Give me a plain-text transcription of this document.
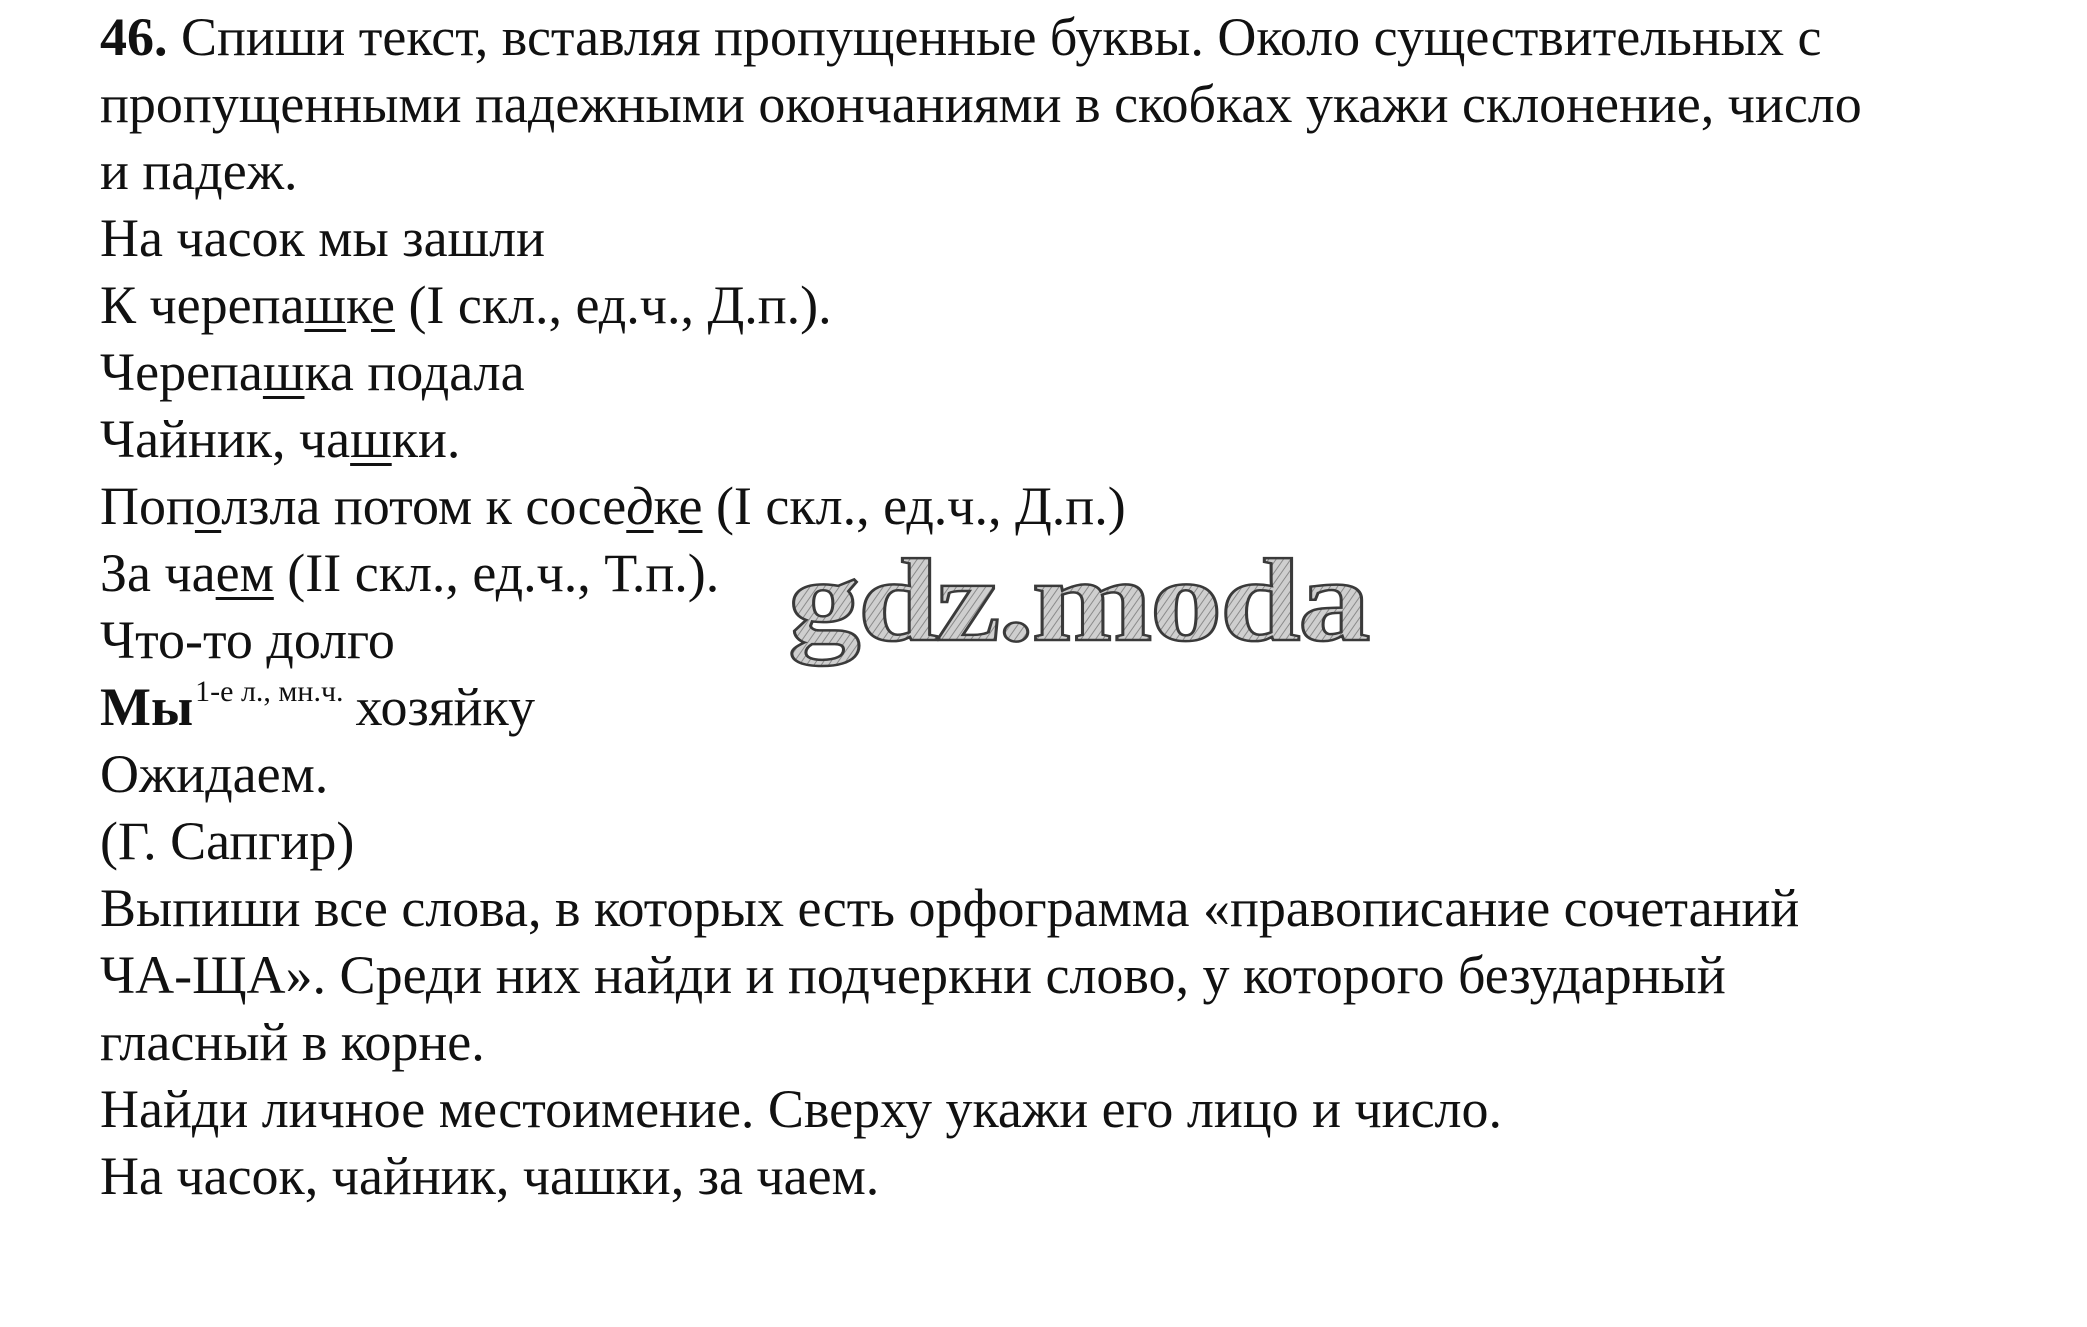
46. Спиши текст, вставляя пропущенные буквы. Около существительных с
пропущенными падежными окончаниями в скобках укажи склонение, число
и падеж.
На часок мы зашли
К черепашке (I скл., ед.ч., Д.п.).
Черепашка подала
Чайник, чашки.
Поползла потом к соседке (I скл., ед.ч., Д.п.)
За чаем (II скл., ед.ч., Т.п.).
Что-то долго
$Мы^{1-е л., мн.ч.}$ хозяйку
Ожидаем.
(Г. Сапгир)
Выпиши все слова, в которых есть орфограмма «правописание сочетаний
ЧА-ЩА». Среди них найди и подчеркни слово, у которого безударный
гласный в корне.
Найди личное местоимение. Сверху укажи его лицо и число.
На часок, чайник, чашки, за чаем.
gdz.moda
